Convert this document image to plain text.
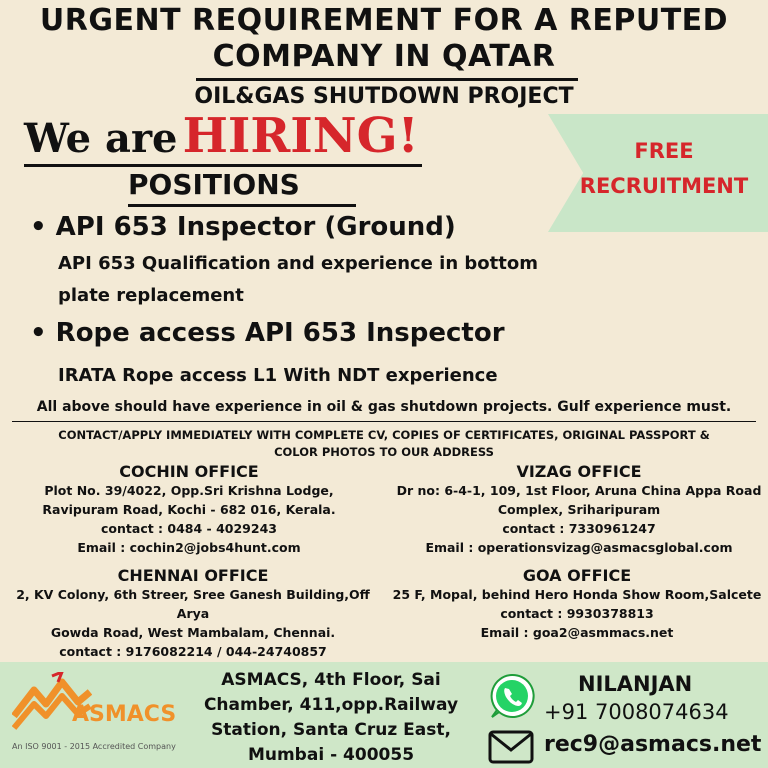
URGENT REQUIREMENT FOR A REPUTED
COMPANY IN QATAR
OIL&GAS SHUTDOWN PROJECT
We are HIRING!
POSITIONS
FREE
RECRUITMENT
• API 653 Inspector (Ground)
API 653 Qualification and experience in bottom
plate replacement
• Rope access API 653 Inspector
IRATA Rope access L1 With NDT experience
All above should have experience in oil & gas shutdown projects. Gulf experience must.
CONTACT/APPLY IMMEDIATELY WITH COMPLETE CV, COPIES OF CERTIFICATES, ORIGINAL PASSPORT &
COLOR PHOTOS TO OUR ADDRESS
COCHIN OFFICE

Plot No. 39/4022, Opp.Sri Krishna Lodge,

Ravipuram Road, Kochi - 682 016, Kerala.

contact : 0484 - 4029243

Email : cochin2@jobs4hunt.com

VIZAG OFFICE

Dr no: 6-4-1, 109, 1st Floor, Aruna China Appa Road

Complex, Sriharipuram

contact : 7330961247

Email : operationsvizag@asmacsglobal.com

CHENNAI OFFICE

2, KV Colony, 6th Streer, Sree Ganesh Building,Off Arya

Gowda Road, West Mambalam, Chennai.

contact : 9176082214 / 044-24740857

GOA OFFICE

25 F, Mopal, behind Hero Honda Show Room,Salcete

contact : 9930378813

Email : goa2@asmmacs.net

ASMACS
An ISO 9001 - 2015 Accredited Company
ASMACS, 4th Floor, Sai
Chamber, 411,opp.Railway
Station, Santa Cruz East,
Mumbai - 400055
NILANJAN
+91 7008074634
rec9@asmacs.net
